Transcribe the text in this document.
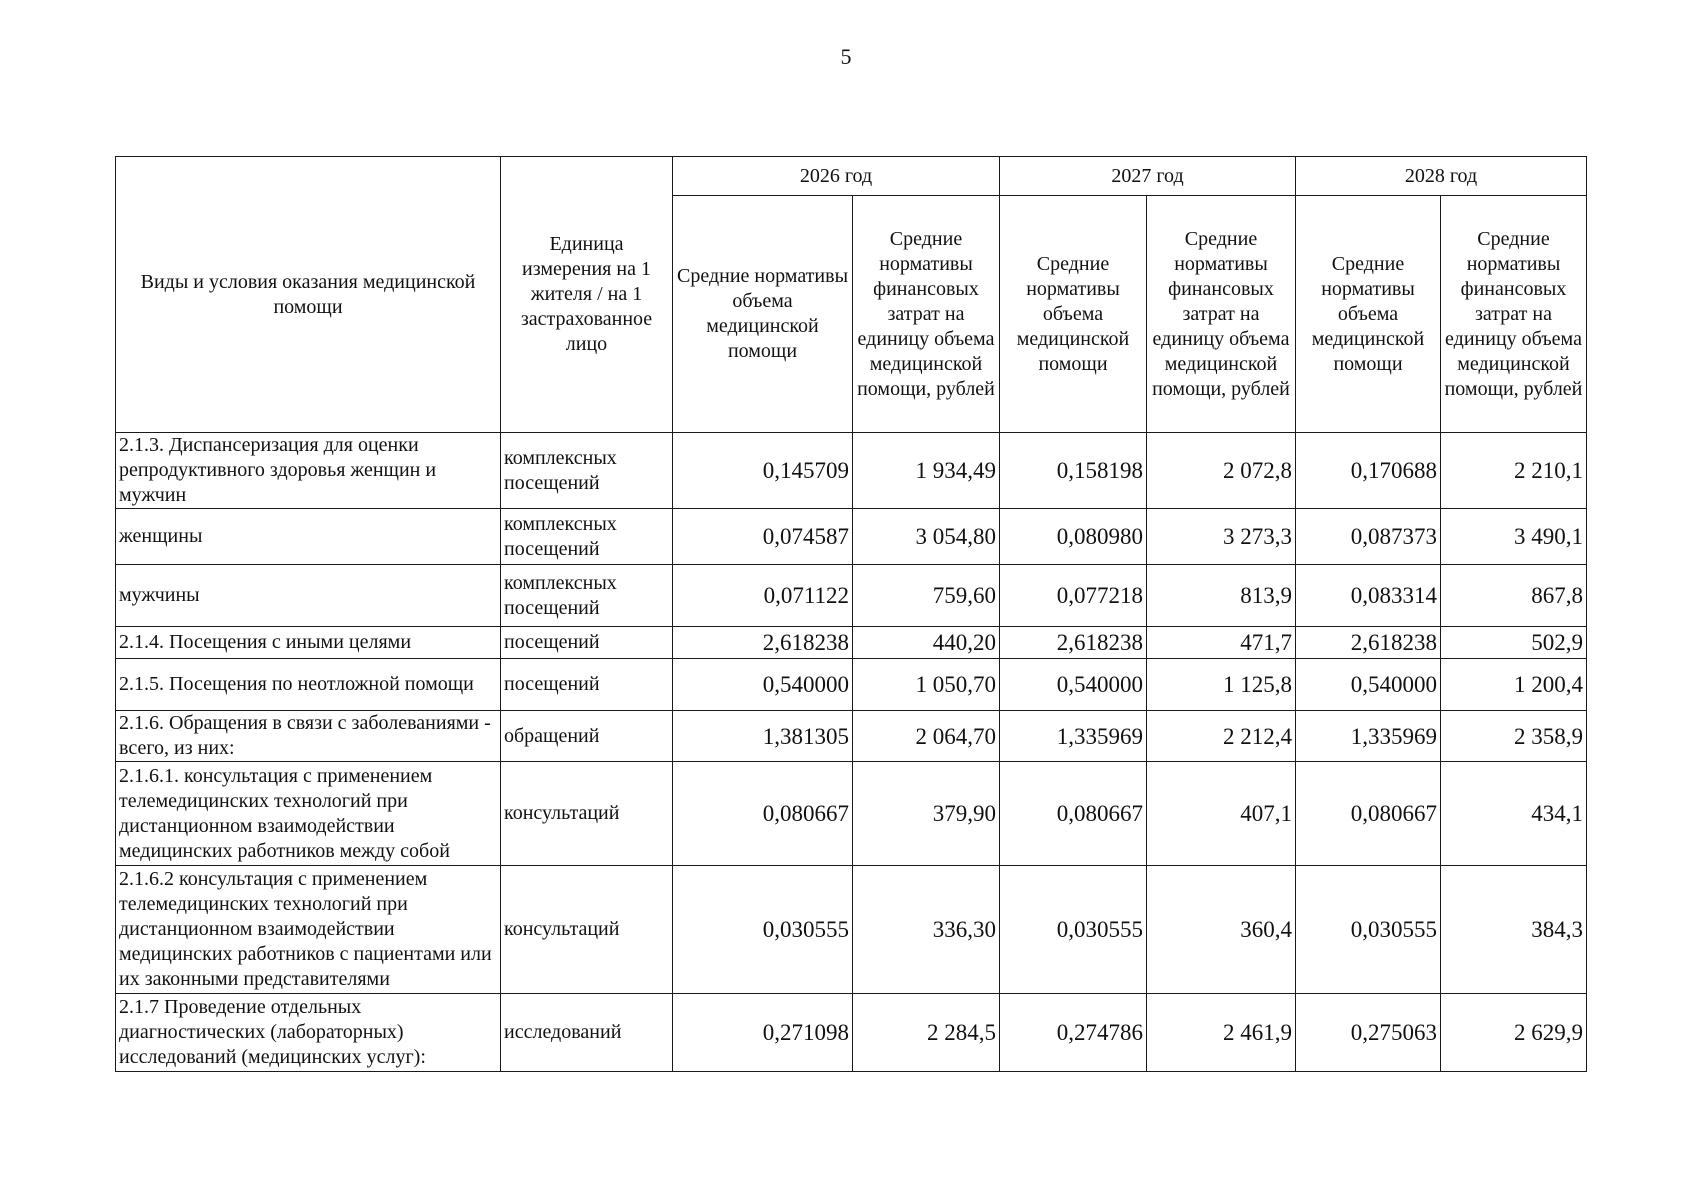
5
Виды и условия оказания медицинской помощи	Единица измерения на 1 жителя / на 1 застрахованное лицо	2026 год		2027 год		2028 год	
		Средние нормативы объема медицинской помощи	Средние нормативы финансовых затрат на единицу объема медицинской помощи, рублей	Средние нормативы объема медицинской помощи	Средние нормативы финансовых затрат на единицу объема медицинской помощи, рублей	Средние нормативы объема медицинской помощи	Средние нормативы финансовых затрат на единицу объема медицинской помощи, рублей
2.1.3. Диспансеризация для оценки репродуктивного здоровья женщин и мужчин	комплексных посещений	0,145709	1 934,49	0,158198	2 072,8	0,170688	2 210,1
женщины	комплексных посещений	0,074587	3 054,80	0,080980	3 273,3	0,087373	3 490,1
мужчины	комплексных посещений	0,071122	759,60	0,077218	813,9	0,083314	867,8
2.1.4. Посещения с иными целями	посещений	2,618238	440,20	2,618238	471,7	2,618238	502,9
2.1.5. Посещения по неотложной помощи	посещений	0,540000	1 050,70	0,540000	1 125,8	0,540000	1 200,4
2.1.6. Обращения в связи с заболеваниями - всего, из них:	обращений	1,381305	2 064,70	1,335969	2 212,4	1,335969	2 358,9
2.1.6.1. консультация с применением телемедицинских технологий при дистанционном взаимодействии медицинских работников между собой	консультаций	0,080667	379,90	0,080667	407,1	0,080667	434,1
2.1.6.2 консультация с применением телемедицинских технологий при дистанционном взаимодействии медицинских работников с пациентами или их законными представителями	консультаций	0,030555	336,30	0,030555	360,4	0,030555	384,3
2.1.7 Проведение отдельных диагностических (лабораторных) исследований (медицинских услуг):	исследований	0,271098	2 284,5	0,274786	2 461,9	0,275063	2 629,9
